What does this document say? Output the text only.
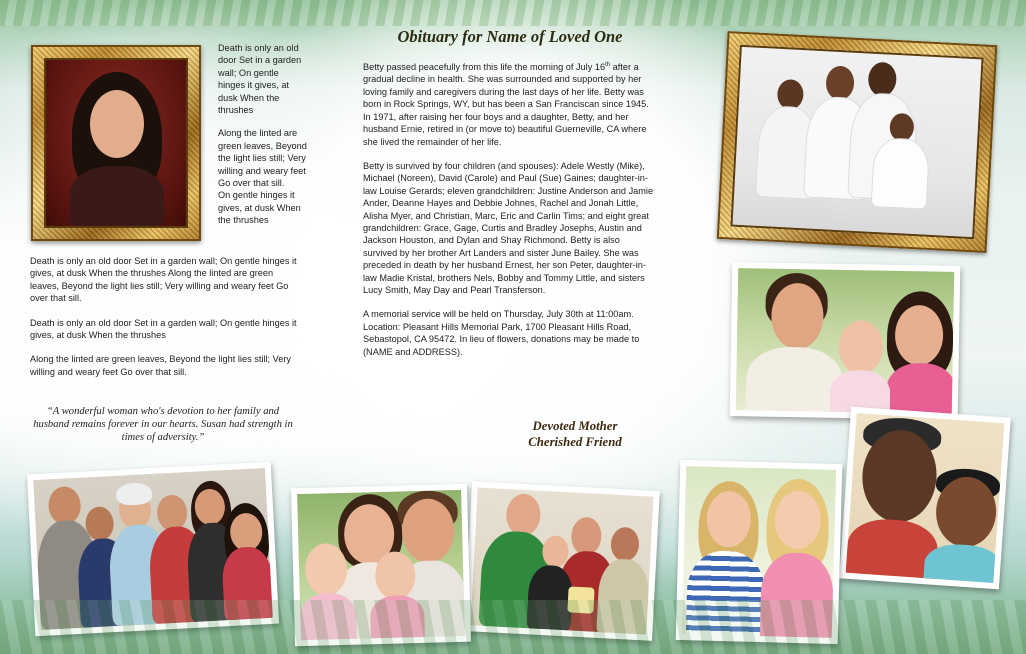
Death is only an old door Set in a garden wall; On gentle hinges it gives, at dusk When the thrushes

Along the linted are green leaves, Beyond the light lies still; Very willing and weary feet Go over that sill.

On gentle hinges it gives, at dusk When the thrushes

Death is only an old door Set in a garden wall; On gentle hinges it gives, at dusk When the thrushes Along the linted are green leaves, Beyond the light lies still; Very willing and weary feet Go over that sill.

Death is only an old door Set in a garden wall; On gentle hinges it gives, at dusk When the thrushes

Along the linted are green leaves, Beyond the light lies still; Very willing and weary feet Go over that sill.

“A wonderful woman who's devotion to her family and husband remains forever in our hearts. Susan had strength in times of adversity.”
Obituary for Name of Loved One

Betty passed peacefully from this life the morning of July 16th after a gradual decline in health. She was surrounded and supported by her loving family and caregivers during the last days of her life. Betty was born in Rock Springs, WY, but has been a San Franciscan since 1945. In 1971, after raising her four boys and a daughter, Betty, and her husband Ernie, retired in (or move to) beautiful Guerneville, CA where she lived the remainder of her life.

Betty is survived by four children (and spouses): Adele Westly (Mike), Michael (Noreen), David (Carole) and Paul (Sue) Gaines; daughter-in-law Louise Gerards; eleven grandchildren: Justine Anderson and Jamie Ander, Deanne Hayes and Debbie Johnes, Rachel and Jonah Little, Alisha Myer, and Christian, Marc, Eric and Carlin Tims; and eight great grandchildren: Grace, Gage, Curtis and Bradley Josephs, Austin and Jackson Houston, and Dylan and Shay Richmond. Betty is also survived by her brother Art Landers and sister June Bailey. She was preceded in death by her husband Ernest, her son Peter, daughter-in-law Madie Kristal, brothers Nels, Bobby and Tommy Little, and sisters Lucy Smith, May Day and Pearl Transferson.

A memorial service will be held on Thursday, July 30th at 11:00am. Location: Pleasant Hills Memorial Park, 1700 Pleasant Hills Road, Sebastopol, CA 95472. In lieu of flowers, donations may be made to (NAME and ADDRESS).

Devoted Mother
Cherished Friend
